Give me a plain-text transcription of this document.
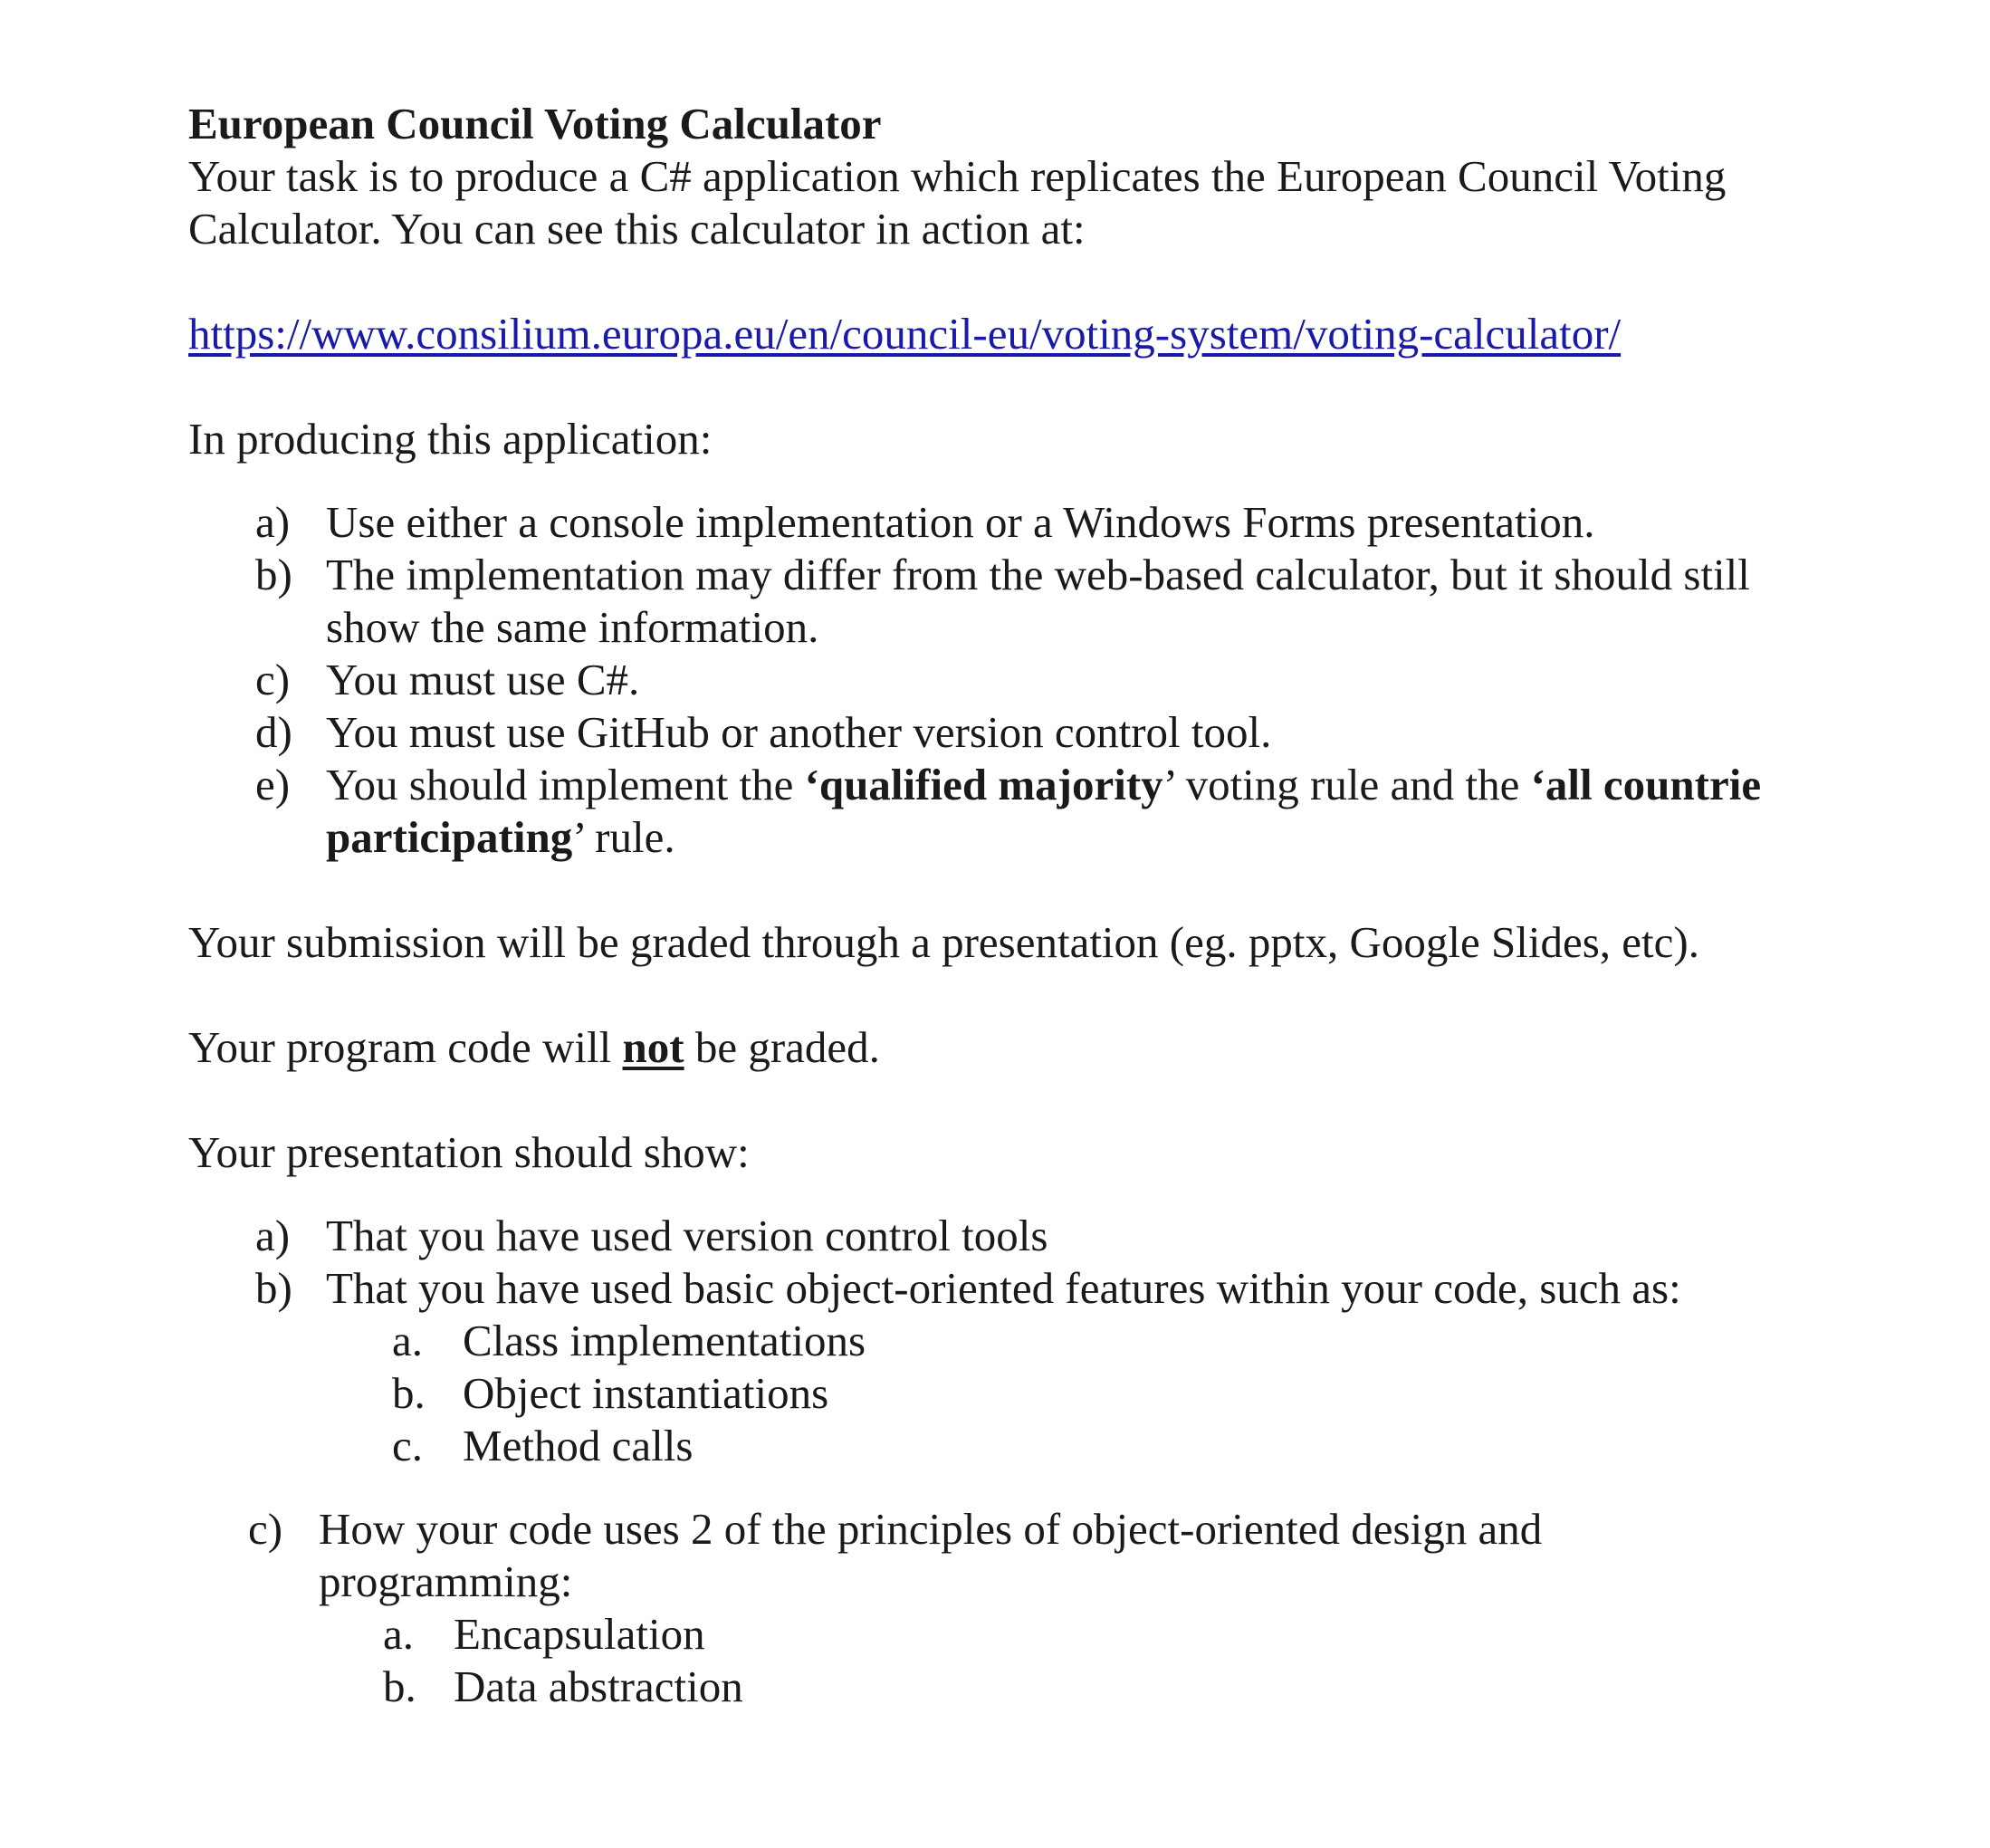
European Council Voting Calculator

Your task is to produce a C# application which replicates the European Council Voting Calculator. You can see this calculator in action at:

https://www.consilium.europa.eu/en/council-eu/voting-system/voting-calculator/

In producing this application:

a) Use either a console implementation or a Windows Forms presentation.
b) The implementation may differ from the web-based calculator, but it should still show the same information.
c) You must use C#.
d) You must use GitHub or another version control tool.
e) You should implement the ‘qualified majority’ voting rule and the ‘all countrie participating’ rule.

Your submission will be graded through a presentation (eg. pptx, Google Slides, etc).

Your program code will not be graded.

Your presentation should show:

a) That you have used version control tools
b) That you have used basic object-oriented features within your code, such as:
a. Class implementations
b. Object instantiations
c. Method calls
c) How your code uses 2 of the principles of object-oriented design and programming:
a. Encapsulation
b. Data abstraction
